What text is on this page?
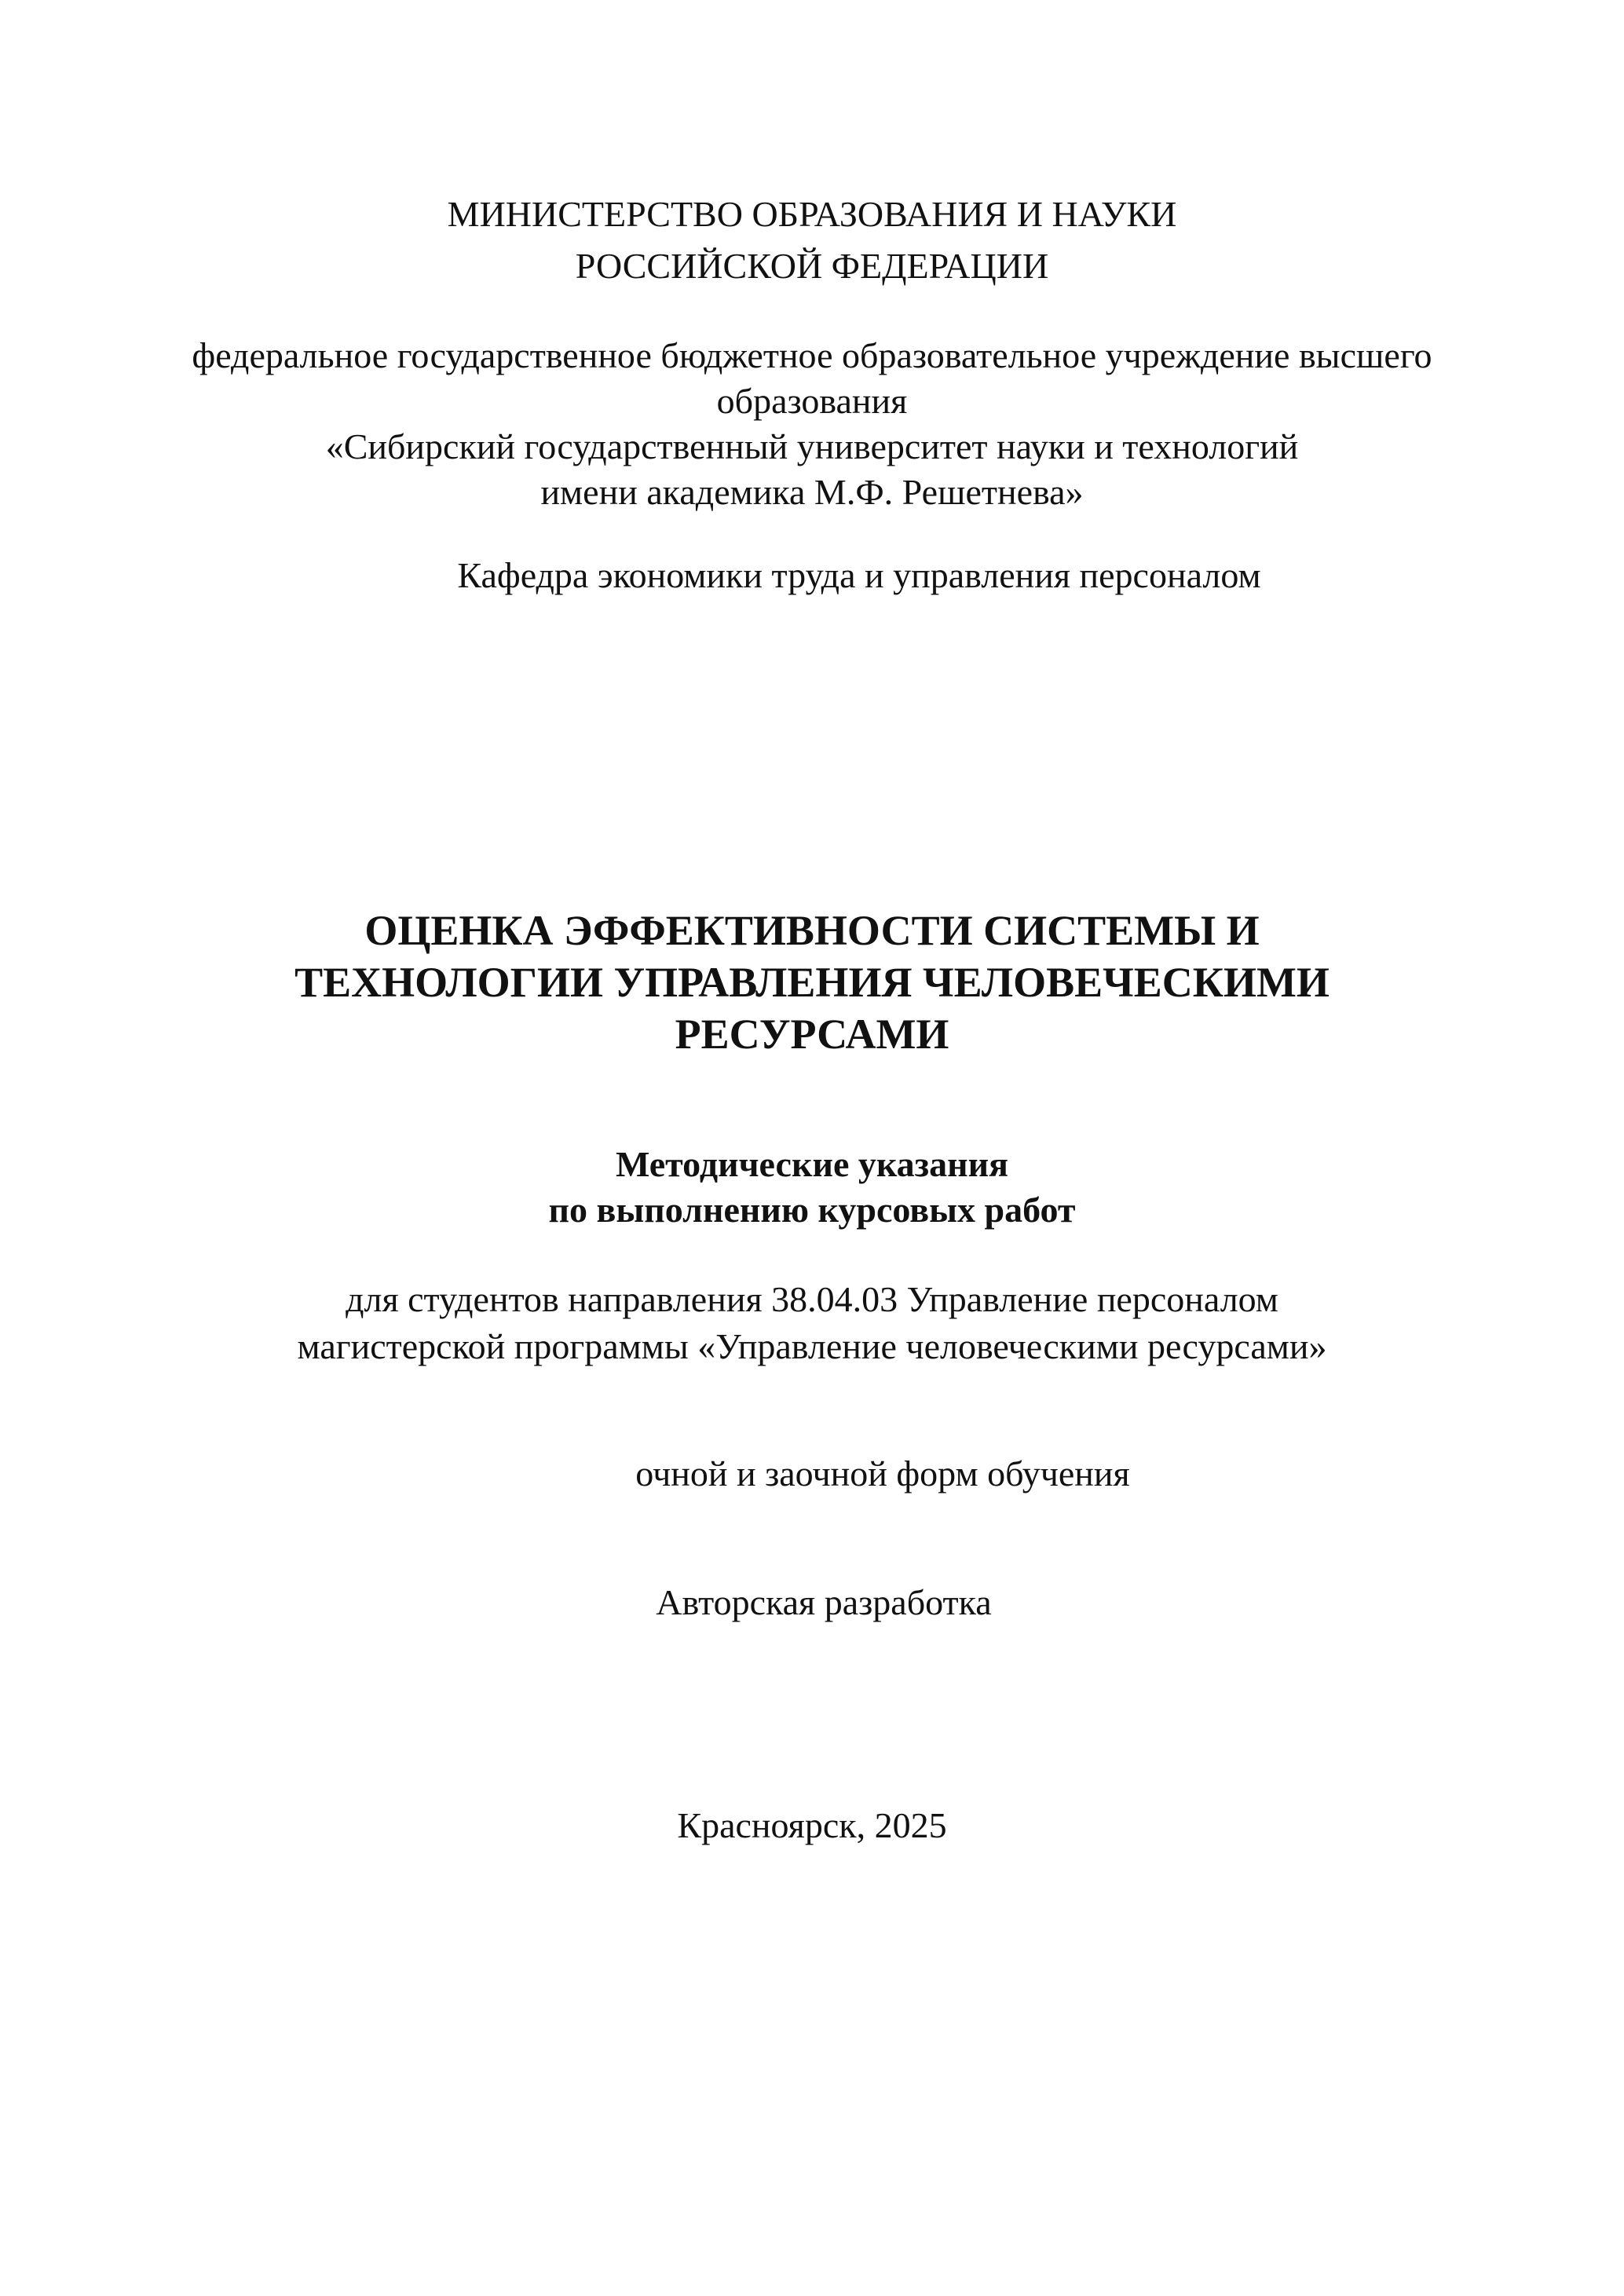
МИНИСТЕРСТВО ОБРАЗОВАНИЯ И НАУКИ

РОССИЙСКОЙ ФЕДЕРАЦИИ

федеральное государственное бюджетное образовательное учреждение высшего

образования

«Сибирский государственный университет науки и технологий

имени академика М.Ф. Решетнева»

Кафедра экономики труда и управления персоналом

ОЦЕНКА ЭФФЕКТИВНОСТИ СИСТЕМЫ И
ТЕХНОЛОГИИ УПРАВЛЕНИЯ ЧЕЛОВЕЧЕСКИМИ
РЕСУРСАМИ

Методические указания

по выполнению курсовых работ

для студентов направления 38.04.03 Управление персоналом

магистерской программы «Управление человеческими ресурсами»

очной и заочной форм обучения

Авторская разработка

Красноярск, 2025
